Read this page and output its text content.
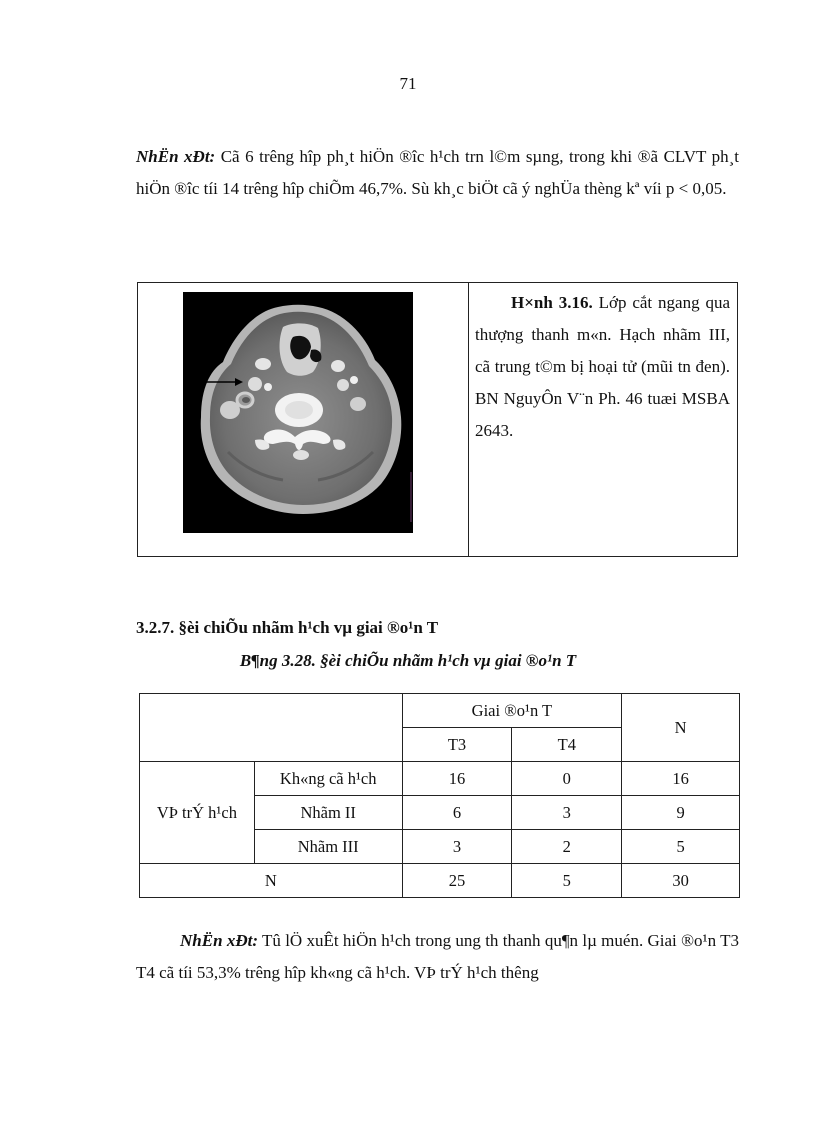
71
NhËn xÐt: Cã 6 trêng hîp ph¸t hiÖn ®îc h¹ch trn l©m sµng, trong khi ®ã CLVT ph¸t hiÖn ®îc tíi 14 trêng hîp chiÕm 46,7%. Sù kh¸c biÖt cã ý nghÜa thèng kª víi p < 0,05.
H×nh 3.16. Lớp cắt ngang qua thượng thanh m«n. Hạch nhãm III, cã trung t©m bị hoại tử (mũi tn đen). BN NguyÔn V¨n Ph. 46 tuæi MSBA 2643.
3.2.7. §èi chiÕu nhãm h¹ch vµ giai ®o¹n T
B¶ng 3.28. §èi chiÕu nhãm h¹ch vµ giai ®o¹n T
		Giai ®o¹n T		N
		T3	T4	
VÞ trÝ h¹ch	Kh«ng cã h¹ch	16	0	16
	Nhãm II	6	3	9
	Nhãm III	3	2	5
N		25	5	30
NhËn xÐt: Tû lÖ xuÊt hiÖn h¹ch trong ung th thanh qu¶n lµ muén. Giai ®o¹n T3 T4 cã tíi 53,3% trêng hîp kh«ng cã h¹ch. VÞ trÝ h¹ch thêng
